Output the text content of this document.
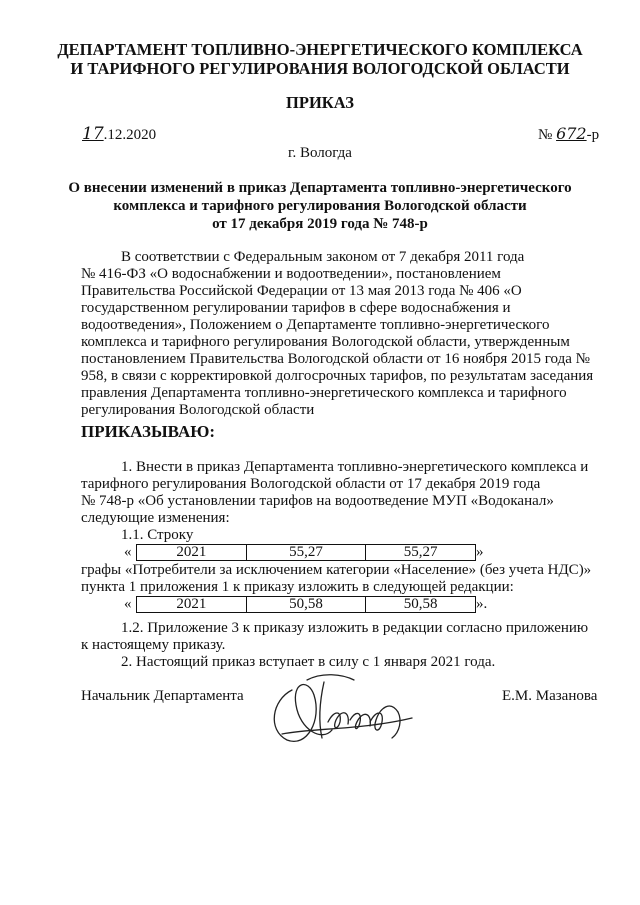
ДЕПАРТАМЕНТ ТОПЛИВНО-ЭНЕРГЕТИЧЕСКОГО КОМПЛЕКСА
И ТАРИФНОГО РЕГУЛИРОВАНИЯ ВОЛОГОДСКОЙ ОБЛАСТИ
ПРИКАЗ
17.12.2020	№ 672-р
г. Вологда
О внесении изменений в приказ Департамента топливно-энергетического
комплекса и тарифного регулирования Вологодской области
от 17 декабря 2019 года № 748-р
В соответствии с Федеральным законом от 7 декабря 2011 года
№ 416-ФЗ «О водоснабжении и водоотведении», постановлением
Правительства Российской Федерации от 13 мая 2013 года № 406 «О
государственном регулировании тарифов в сфере водоснабжения и
водоотведения», Положением о Департаменте топливно-энергетического
комплекса и тарифного регулирования Вологодской области, утвержденным
постановлением Правительства Вологодской области от 16 ноября 2015 года №
958, в связи с корректировкой долгосрочных тарифов, по результатам заседания
правления Департамента топливно-энергетического комплекса и тарифного
регулирования Вологодской области
ПРИКАЗЫВАЮ:
1. Внести в приказ Департамента топливно-энергетического комплекса и
тарифного регулирования Вологодской области от 17 декабря 2019 года
№ 748-р «Об установлении тарифов на водоотведение МУП «Водоканал»
следующие изменения:
1.1. Строку
«	2021	55,27	55,27	»
графы «Потребители за исключением категории «Население» (без учета НДС)»
пункта 1 приложения 1 к приказу изложить в следующей редакции:
«	2021	50,58	50,58	».
1.2. Приложение 3 к приказу изложить в редакции согласно приложению
к настоящему приказу.
2. Настоящий приказ вступает в силу с 1 января 2021 года.
Начальник Департамента	Е.М. Мазанова
